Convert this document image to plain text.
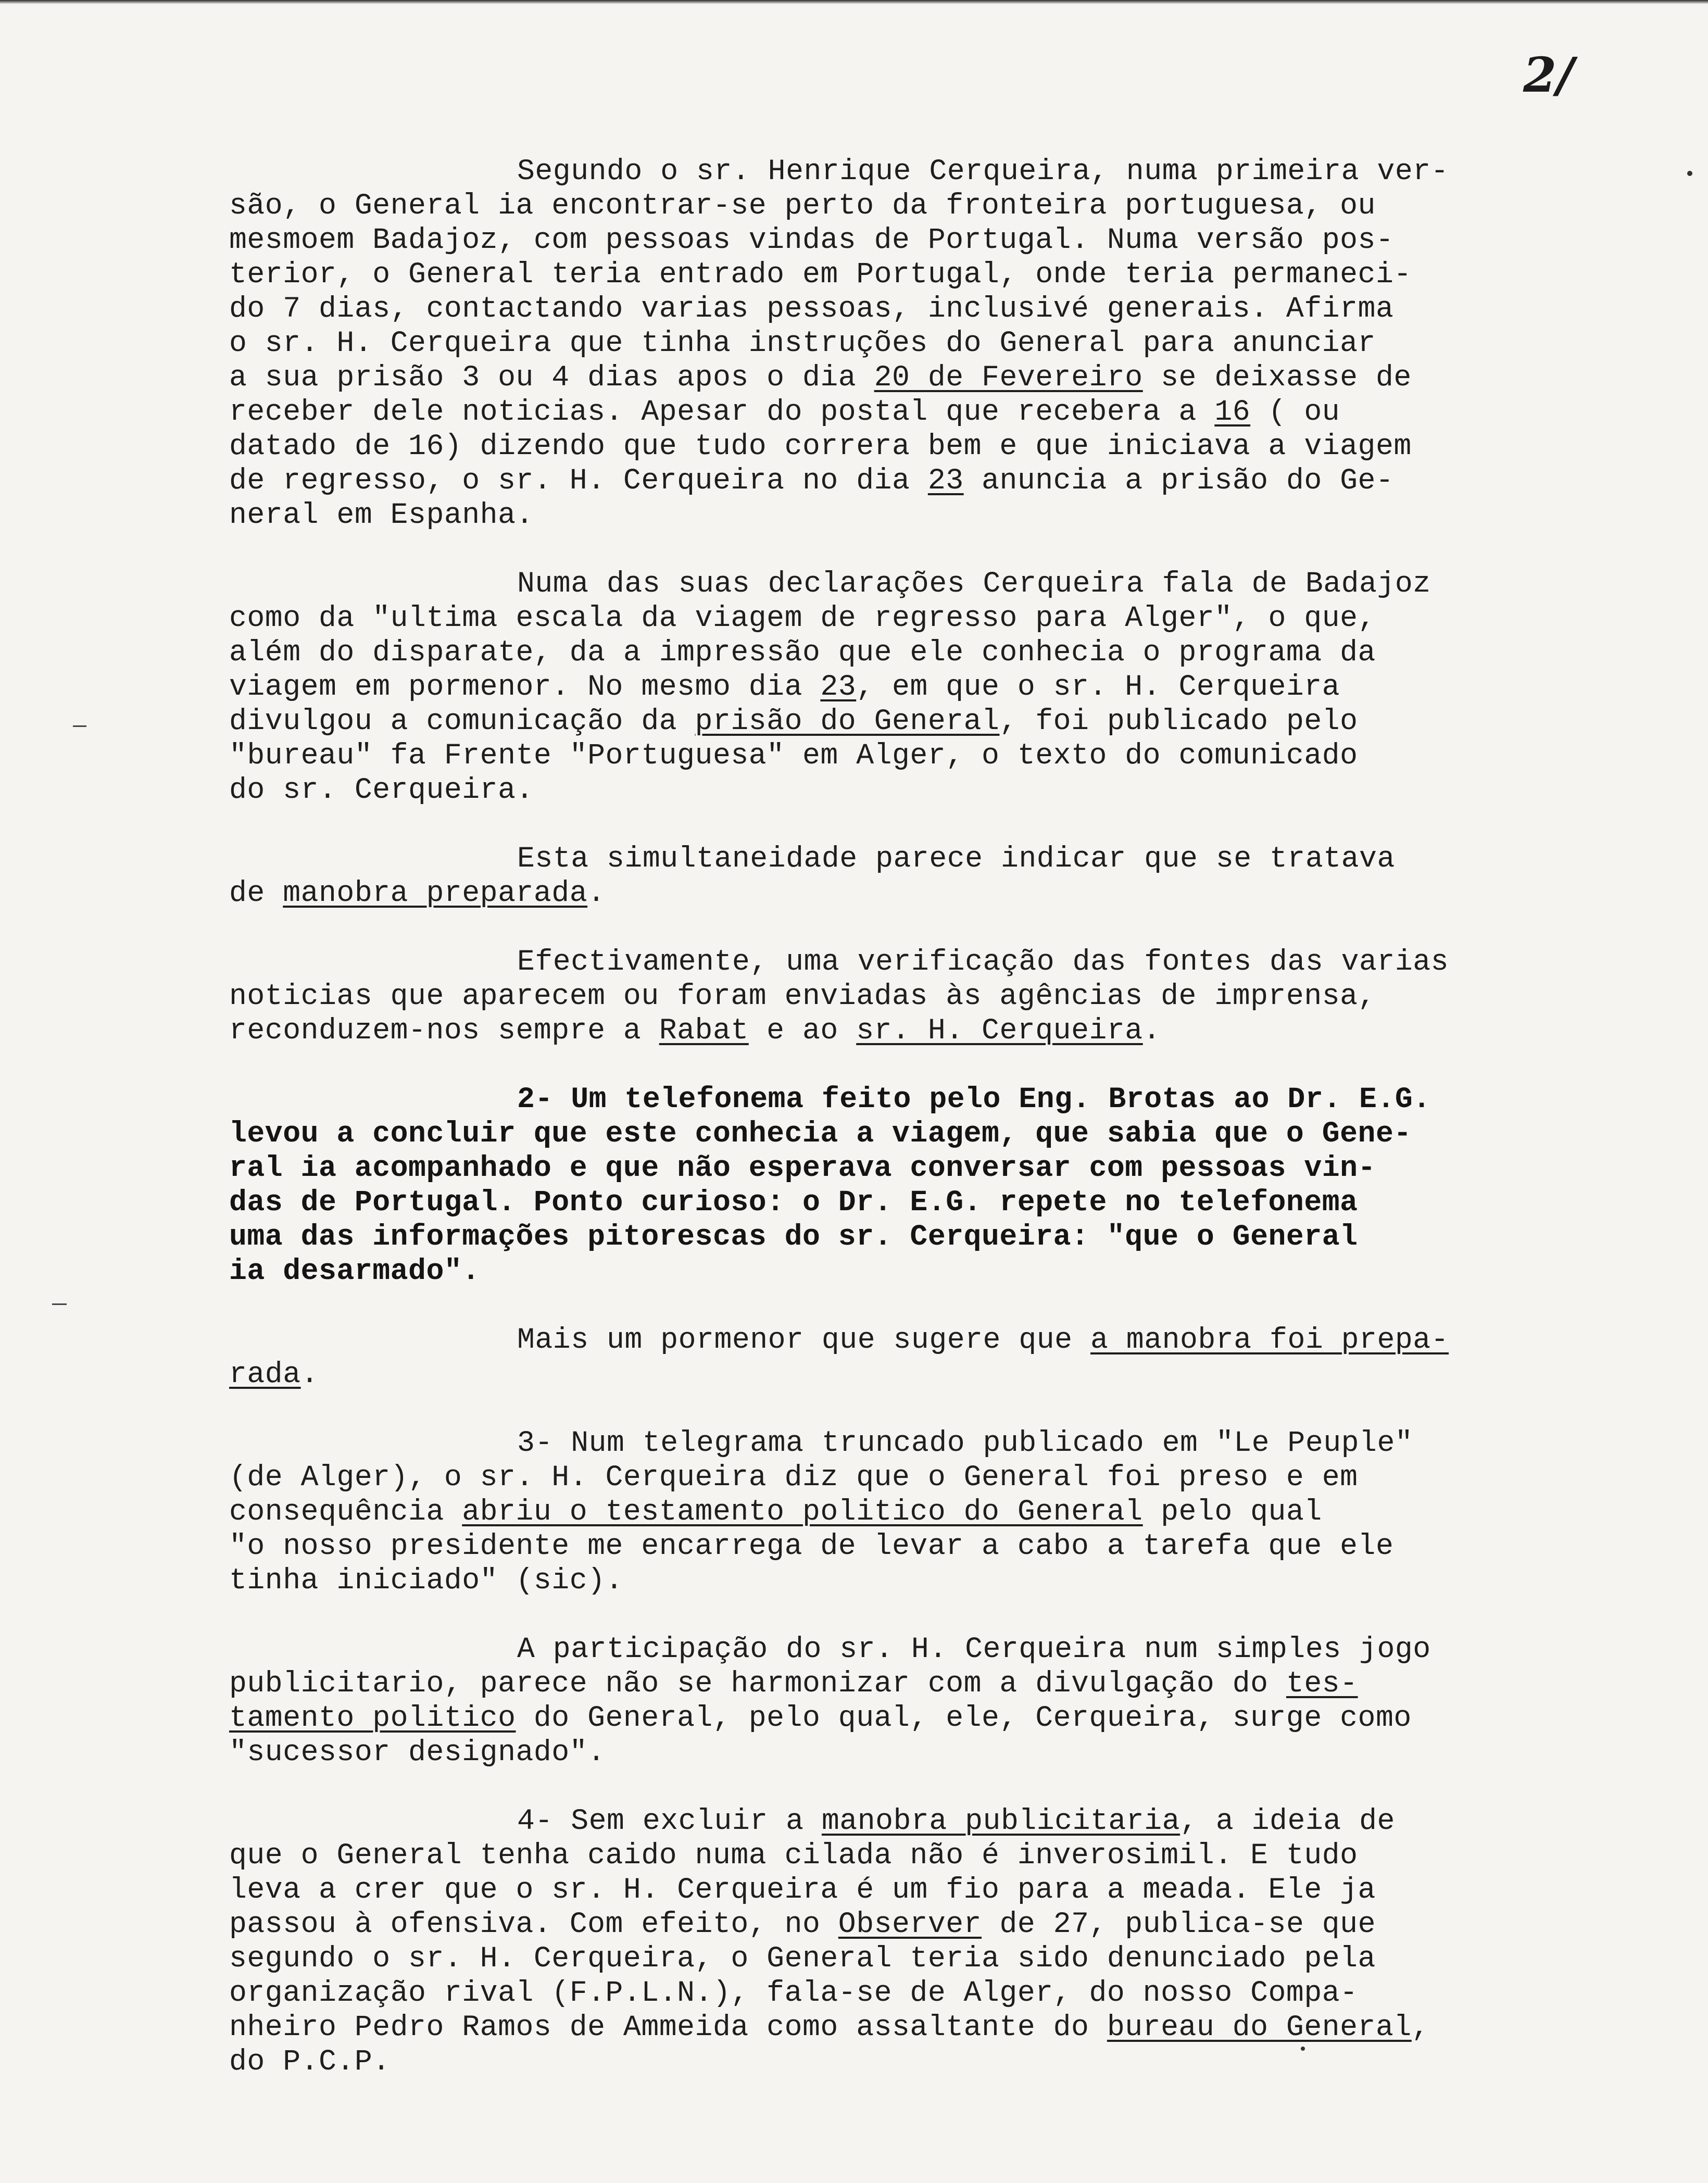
2/
Segundo o sr. Henrique Cerqueira, numa primeira ver-
são, o General ia encontrar-se perto da fronteira portuguesa, ou
mesmoem Badajoz, com pessoas vindas de Portugal. Numa versão pos-
terior, o General teria entrado em Portugal, onde teria permaneci-
do 7 dias, contactando varias pessoas, inclusivé generais. Afirma
o sr. H. Cerqueira que tinha instruções do General para anunciar
a sua prisão 3 ou 4 dias apos o dia 20 de Fevereiro se deixasse de
receber dele noticias. Apesar do postal que recebera a 16 ( ou
datado de 16) dizendo que tudo correra bem e que iniciava a viagem
de regresso, o sr. H. Cerqueira no dia 23 anuncia a prisão do Ge-
neral em Espanha.
Numa das suas declarações Cerqueira fala de Badajoz
como da "ultima escala da viagem de regresso para Alger", o que,
além do disparate, da a impressão que ele conhecia o programa da
viagem em pormenor. No mesmo dia 23, em que o sr. H. Cerqueira
divulgou a comunicação da prisão do General, foi publicado pelo
"bureau" fa Frente "Portuguesa" em Alger, o texto do comunicado
do sr. Cerqueira.
Esta simultaneidade parece indicar que se tratava
de manobra preparada.
Efectivamente, uma verificação das fontes das varias
noticias que aparecem ou foram enviadas às agências de imprensa,
reconduzem-nos sempre a Rabat e ao sr. H. Cerqueira.
2- Um telefonema feito pelo Eng. Brotas ao Dr. E.G.
levou a concluir que este conhecia a viagem, que sabia que o Gene-
ral ia acompanhado e que não esperava conversar com pessoas vin-
das de Portugal. Ponto curioso: o Dr. E.G. repete no telefonema
uma das informações pitorescas do sr. Cerqueira: "que o General
ia desarmado".
Mais um pormenor que sugere que a manobra foi prepa-
rada.
3- Num telegrama truncado publicado em "Le Peuple"
(de Alger), o sr. H. Cerqueira diz que o General foi preso e em
consequência abriu o testamento politico do General pelo qual
"o nosso presidente me encarrega de levar a cabo a tarefa que ele
tinha iniciado" (sic).
A participação do sr. H. Cerqueira num simples jogo
publicitario, parece não se harmonizar com a divulgação do tes-
tamento politico do General, pelo qual, ele, Cerqueira, surge como
"sucessor designado".
4- Sem excluir a manobra publicitaria, a ideia de
que o General tenha caido numa cilada não é inverosimil. E tudo
leva a crer que o sr. H. Cerqueira é um fio para a meada. Ele ja
passou à ofensiva. Com efeito, no Observer de 27, publica-se que
segundo o sr. H. Cerqueira, o General teria sido denunciado pela
organização rival (F.P.L.N.), fala-se de Alger, do nosso Compa-
nheiro Pedro Ramos de Ammeida como assaltante do bureau do General,
do P.C.P.
